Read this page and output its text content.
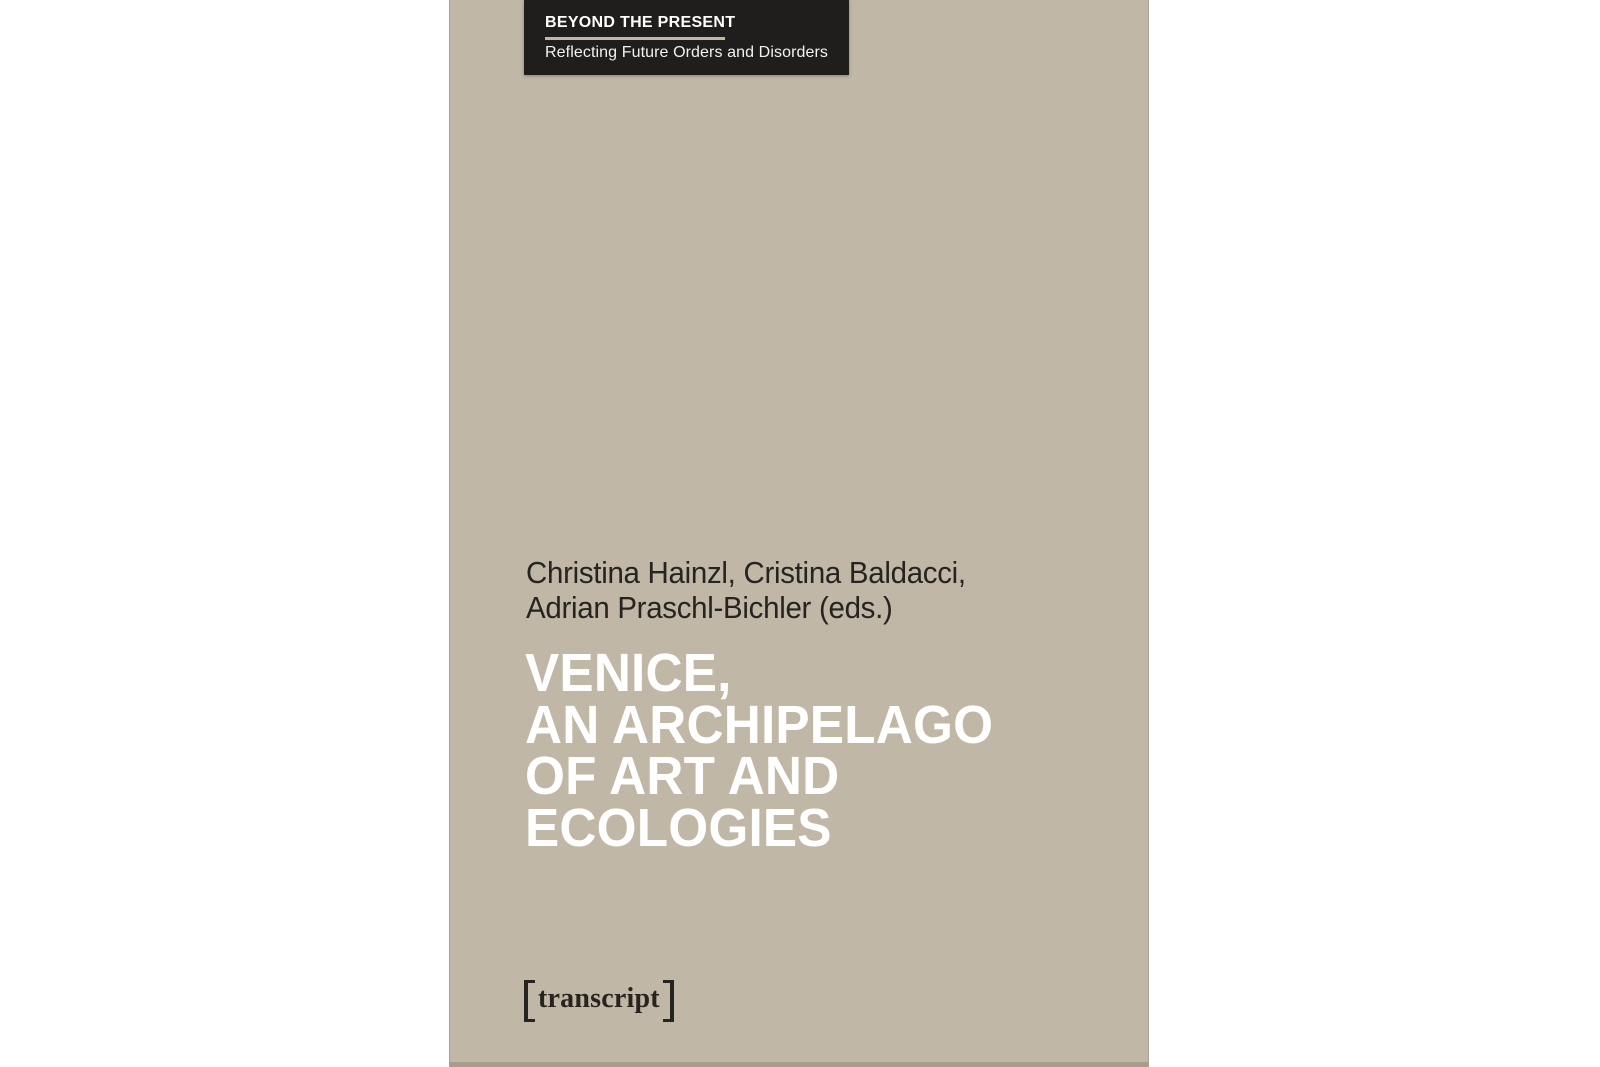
BEYOND THE PRESENT
Reflecting Future Orders and Disorders
Christina Hainzl, Cristina Baldacci,
Adrian Praschl-Bichler (eds.)
VENICE,
AN ARCHIPELAGO
OF ART AND
ECOLOGIES
transcript
